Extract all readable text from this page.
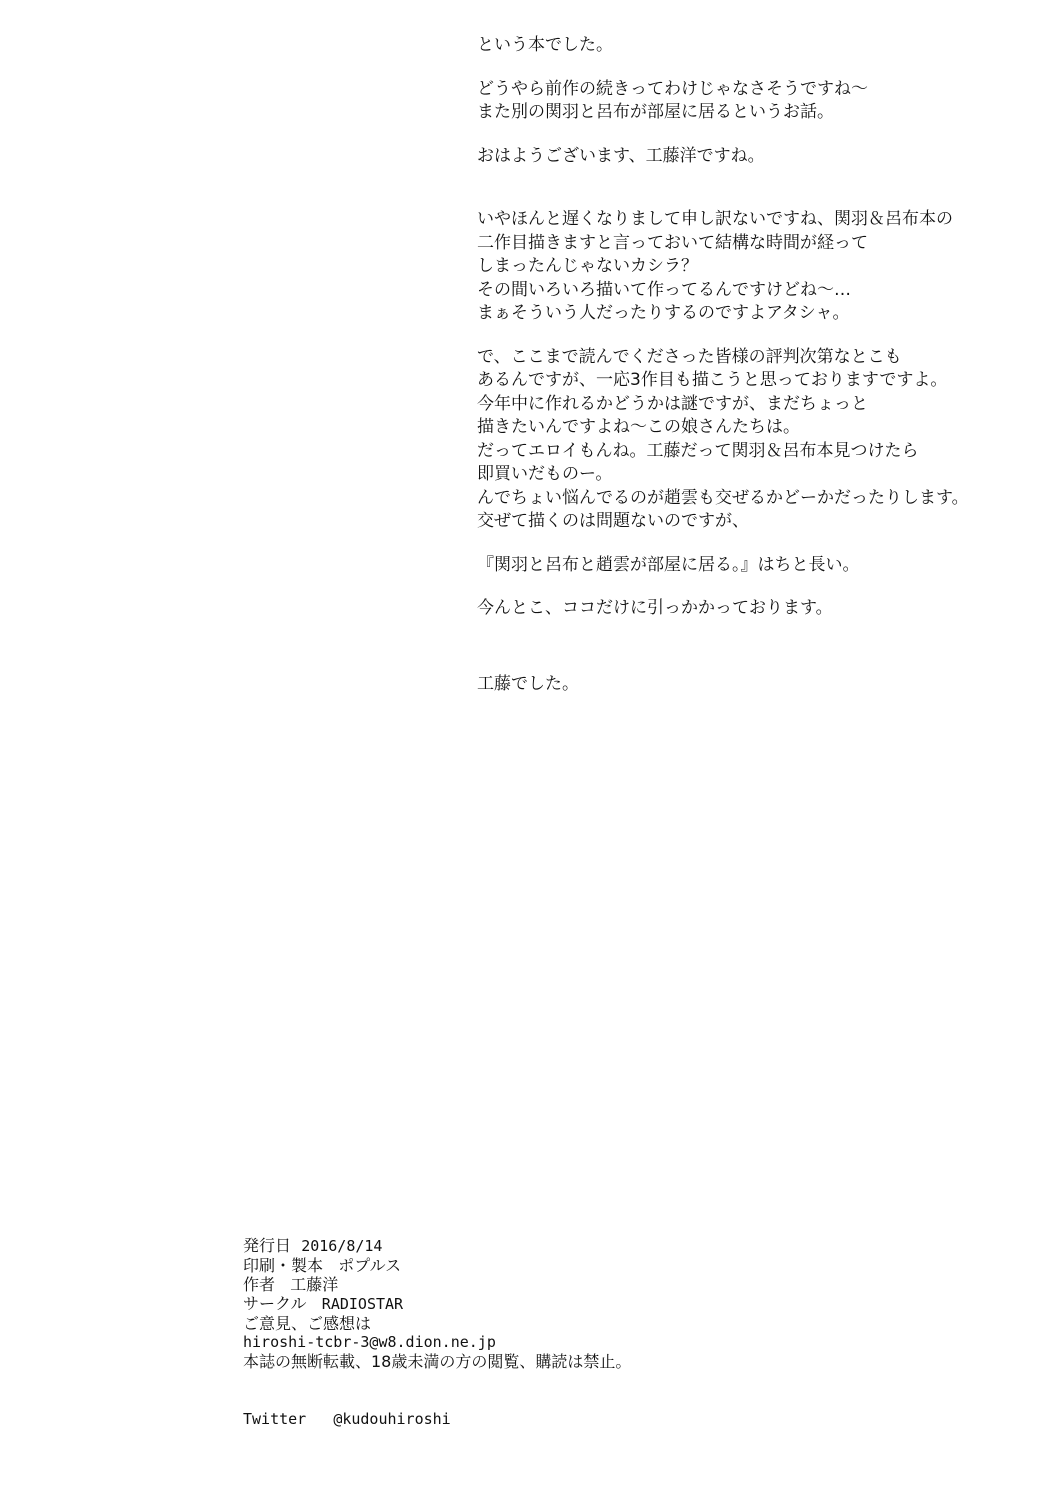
という本でした。

どうやら前作の続きってわけじゃなさそうですね～
また別の関羽と呂布が部屋に居るというお話。

おはようございます、工藤洋ですね。

いやほんと遅くなりまして申し訳ないですね、関羽＆呂布本の
二作目描きますと言っておいて結構な時間が経って
しまったんじゃないカシラ？
その間いろいろ描いて作ってるんですけどね～…
まぁそういう人だったりするのですよアタシャ。

で、ここまで読んでくださった皆様の評判次第なとこも
あるんですが、一応3作目も描こうと思っておりますですよ。
今年中に作れるかどうかは謎ですが、まだちょっと
描きたいんですよね～この娘さんたちは。
だってエロイもんね。工藤だって関羽＆呂布本見つけたら
即買いだものー。
んでちょい悩んでるのが趙雲も交ぜるかどーかだったりします。
交ぜて描くのは問題ないのですが、

『関羽と呂布と趙雲が部屋に居る。』はちと長い。

今んとこ、ココだけに引っかかっております。

工藤でした。

発行日 2016/8/14
印刷・製本 ポプルス
作者 工藤洋
サークル RADIOSTAR
ご意見、ご感想は
hiroshi-tcbr-3@w8.dion.ne.jp
本誌の無断転載、18歳未満の方の閲覧、購読は禁止。
Twitter @kudouhiroshi
